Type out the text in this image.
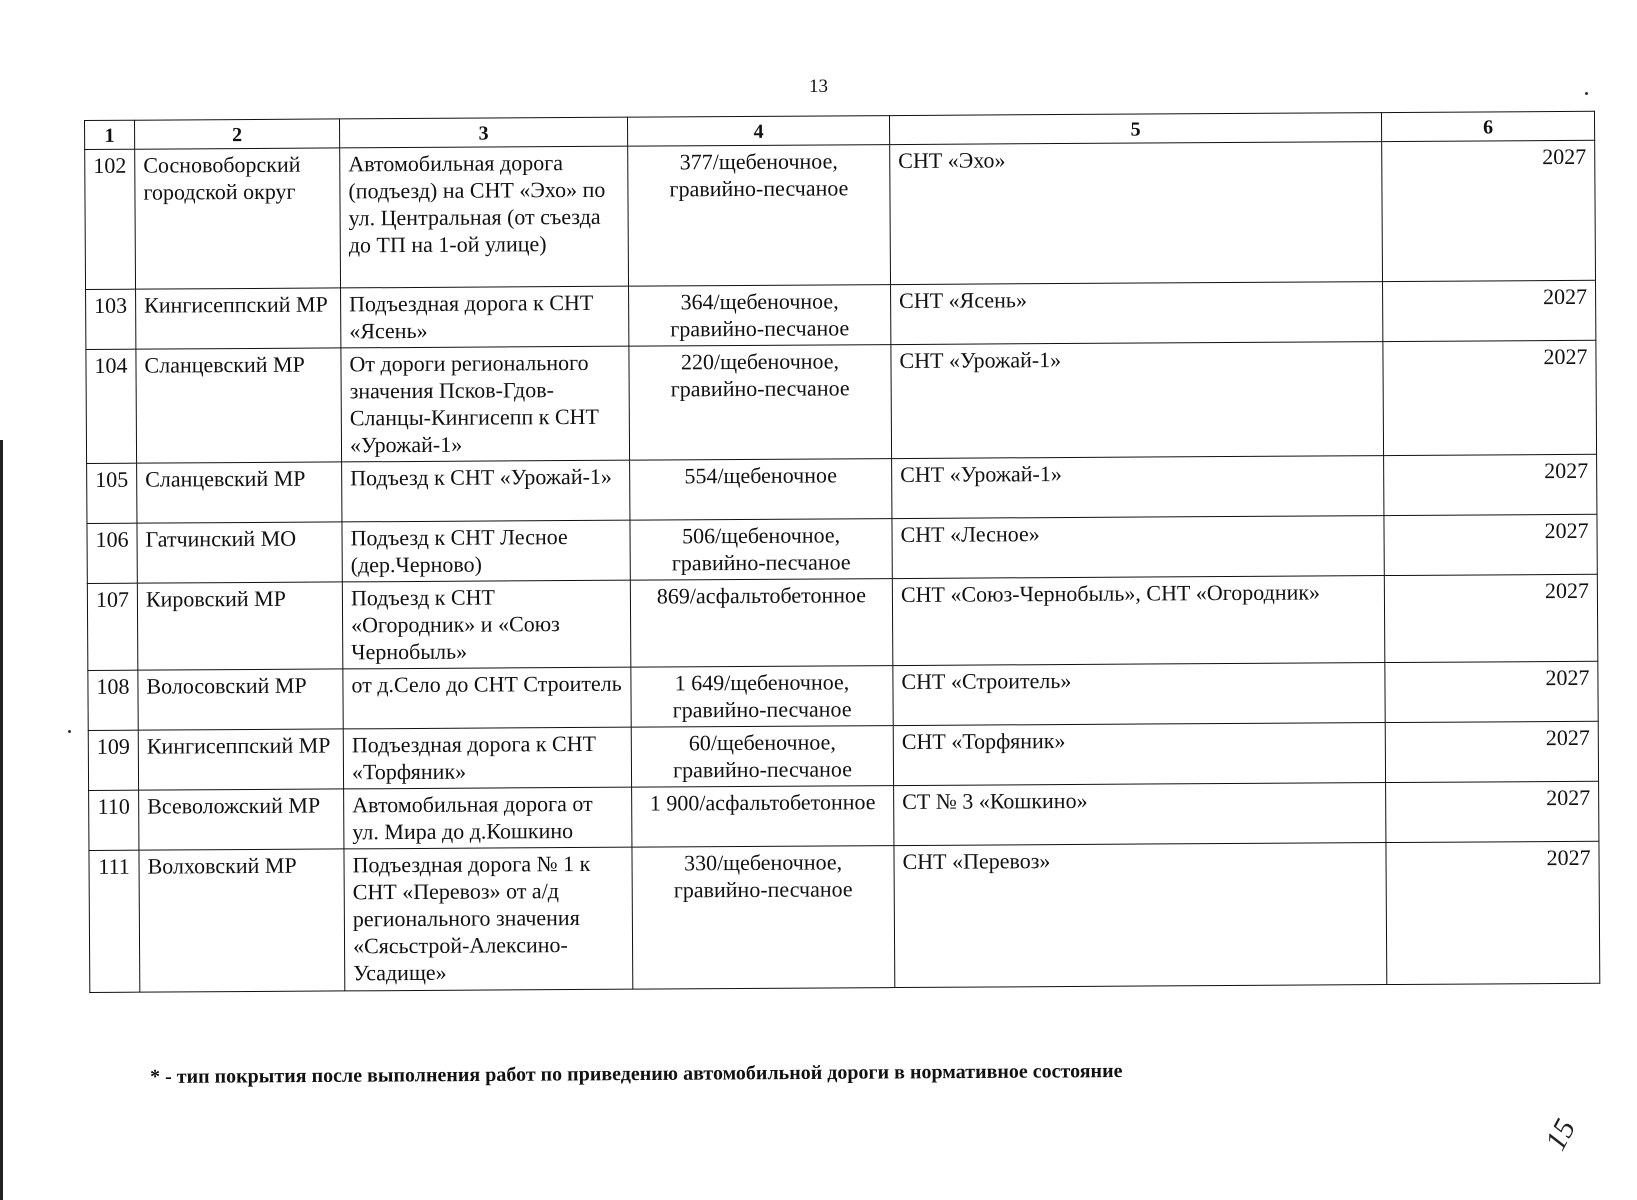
13
1	2	3	4	5	6
102	Сосновоборский городской округ	Автомобильная дорога (подъезд) на СНТ «Эхо» по ул. Центральная (от съезда до ТП на 1-ой улице)	377/щебеночное, гравийно-песчаное	СНТ «Эхо»	2027
103	Кингисеппский МР	Подъездная дорога к СНТ «Ясень»	364/щебеночное, гравийно-песчаное	СНТ «Ясень»	2027
104	Сланцевский МР	От дороги регионального значения Псков-Гдов-Сланцы-Кингисепп к СНТ «Урожай-1»	220/щебеночное, гравийно-песчаное	СНТ «Урожай-1»	2027
105	Сланцевский МР	Подъезд к СНТ «Урожай-1»	554/щебеночное	СНТ «Урожай-1»	2027
106	Гатчинский МО	Подъезд к СНТ Лесное (дер.Черново)	506/щебеночное, гравийно-песчаное	СНТ «Лесное»	2027
107	Кировский МР	Подъезд к СНТ «Огородник» и «Союз Чернобыль»	869/асфальтобетонное	СНТ «Союз-Чернобыль», СНТ «Огородник»	2027
108	Волосовский МР	от д.Село до СНТ Строитель	1 649/щебеночное, гравийно-песчаное	СНТ «Строитель»	2027
109	Кингисеппский МР	Подъездная дорога к СНТ «Торфяник»	60/щебеночное, гравийно-песчаное	СНТ «Торфяник»	2027
110	Всеволожский МР	Автомобильная дорога от ул. Мира до д.Кошкино	1 900/асфальтобетонное	СТ № 3 «Кошкино»	2027
111	Волховский МР	Подъездная дорога № 1 к СНТ «Перевоз» от а/д регионального значения «Сясьстрой-Алексино-Усадище»	330/щебеночное, гравийно-песчаное	СНТ «Перевоз»	2027
* - тип покрытия после выполнения работ по приведению автомобильной дороги в нормативное состояние
15
